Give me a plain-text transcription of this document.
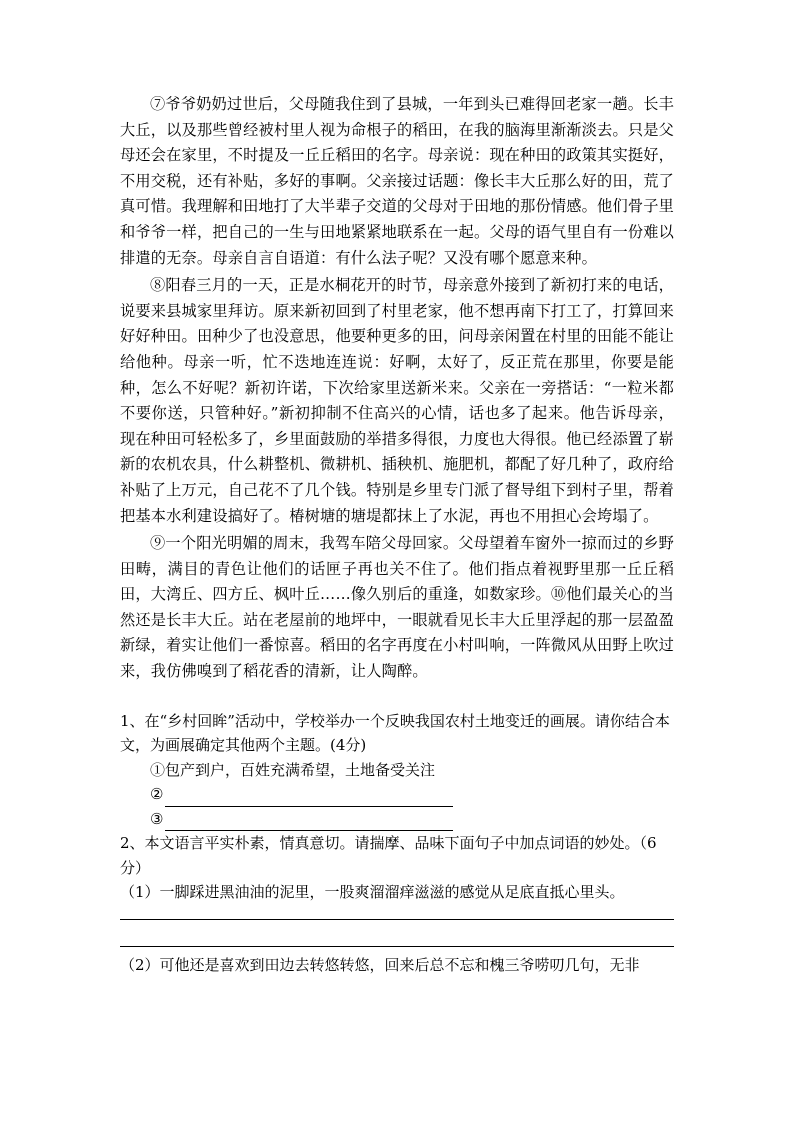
⑦爷爷奶奶过世后，父母随我住到了县城，一年到头已难得回老家一趟。长丰大丘，以及那些曾经被村里人视为命根子的稻田，在我的脑海里渐渐淡去。只是父母还会在家里，不时提及一丘丘稻田的名字。母亲说：现在种田的政策其实挺好，不用交税，还有补贴，多好的事啊。父亲接过话题：像长丰大丘那么好的田，荒了真可惜。我理解和田地打了大半辈子交道的父母对于田地的那份情感。他们骨子里和爷爷一样，把自己的一生与田地紧紧地联系在一起。父母的语气里自有一份难以排遣的无奈。母亲自言自语道：有什么法子呢？又没有哪个愿意来种。

⑧阳春三月的一天，正是水桐花开的时节，母亲意外接到了新初打来的电话，说要来县城家里拜访。原来新初回到了村里老家，他不想再南下打工了，打算回来好好种田。田种少了也没意思，他要种更多的田，问母亲闲置在村里的田能不能让给他种。母亲一听，忙不迭地连连说：好啊，太好了，反正荒在那里，你要是能种，怎么不好呢？新初许诺，下次给家里送新米来。父亲在一旁搭话：“一粒米都不要你送，只管种好。”新初抑制不住高兴的心情，话也多了起来。他告诉母亲，现在种田可轻松多了，乡里面鼓励的举措多得很，力度也大得很。他已经添置了崭新的农机农具，什么耕整机、微耕机、插秧机、施肥机，都配了好几种了，政府给补贴了上万元，自己花不了几个钱。特别是乡里专门派了督导组下到村子里，帮着把基本水利建设搞好了。椿树塘的塘堤都抹上了水泥，再也不用担心会垮塌了。

⑨一个阳光明媚的周末，我驾车陪父母回家。父母望着车窗外一掠而过的乡野田畴，满目的青色让他们的话匣子再也关不住了。他们指点着视野里那一丘丘稻田，大湾丘、四方丘、枫叶丘……像久别后的重逢，如数家珍。⑩他们最关心的当然还是长丰大丘。站在老屋前的地坪中，一眼就看见长丰大丘里浮起的那一层盈盈新绿，着实让他们一番惊喜。稻田的名字再度在小村叫响，一阵微风从田野上吹过来，我仿佛嗅到了稻花香的清新，让人陶醉。

1、在“乡村回眸”活动中，学校举办一个反映我国农村土地变迁的画展。请你结合本文，为画展确定其他两个主题。(4分)

①包产到户，百姓充满希望，土地备受关注

②
③

2、本文语言平实朴素，情真意切。请揣摩、品味下面句子中加点词语的妙处。（6分）

（1）一脚踩进黑油油的泥里，一股爽溜溜痒滋滋的感觉从足底直抵心里头。

（2）可他还是喜欢到田边去转悠转悠，回来后总不忘和槐三爷唠叨几句，无非
